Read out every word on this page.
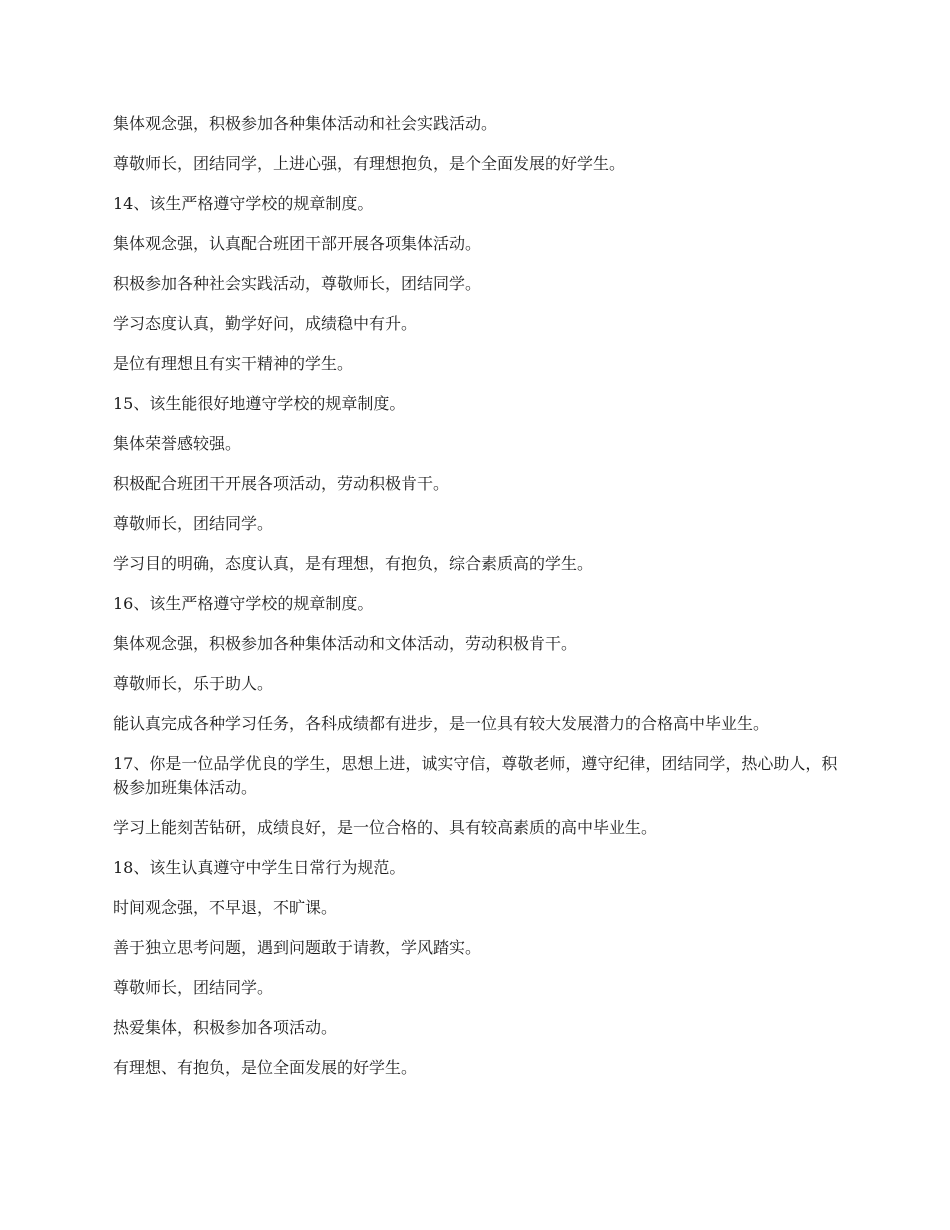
集体观念强，积极参加各种集体活动和社会实践活动。

尊敬师长，团结同学，上进心强，有理想抱负，是个全面发展的好学生。

14、该生严格遵守学校的规章制度。

集体观念强，认真配合班团干部开展各项集体活动。

积极参加各种社会实践活动，尊敬师长，团结同学。

学习态度认真，勤学好问，成绩稳中有升。

是位有理想且有实干精神的学生。

15、该生能很好地遵守学校的规章制度。

集体荣誉感较强。

积极配合班团干开展各项活动，劳动积极肯干。

尊敬师长，团结同学。

学习目的明确，态度认真，是有理想，有抱负，综合素质高的学生。

16、该生严格遵守学校的规章制度。

集体观念强，积极参加各种集体活动和文体活动，劳动积极肯干。

尊敬师长，乐于助人。

能认真完成各种学习任务，各科成绩都有进步，是一位具有较大发展潜力的合格高中毕业生。

17、你是一位品学优良的学生，思想上进，诚实守信，尊敬老师，遵守纪律，团结同学，热心助人，积极参加班集体活动。

学习上能刻苦钻研，成绩良好，是一位合格的、具有较高素质的高中毕业生。

18、该生认真遵守中学生日常行为规范。

时间观念强，不早退，不旷课。

善于独立思考问题，遇到问题敢于请教，学风踏实。

尊敬师长，团结同学。

热爱集体，积极参加各项活动。

有理想、有抱负，是位全面发展的好学生。
